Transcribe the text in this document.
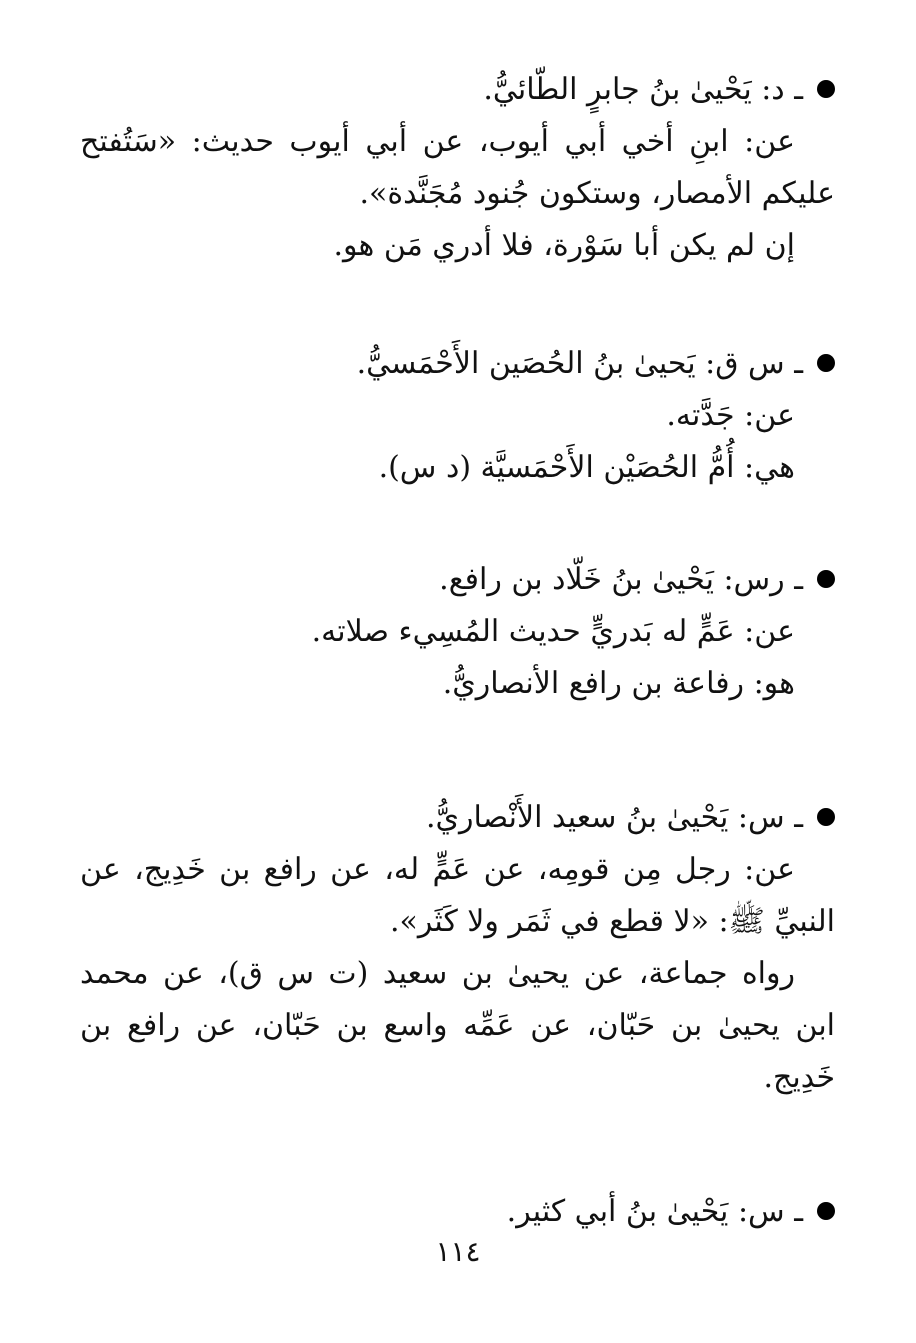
ـ د: يَحْيىٰ بنُ جابرٍ الطّائيُّ.
عن: ابنِ أخي أبي أيوب، عن أبي أيوب حديث: «سَتُفتح
عليكم الأمصار، وستكون جُنود مُجَنَّدة».
إن لم يكن أبا سَوْرة، فلا أدري مَن هو.
ـ س ق: يَحيىٰ بنُ الحُصَين الأَحْمَسيُّ.
عن: جَدَّته.
هي: أُمُّ الحُصَيْن الأَحْمَسيَّة (د س).
ـ رس: يَحْيىٰ بنُ خَلّاد بن رافع.
عن: عَمٍّ له بَدريٍّ حديث المُسِيء صلاته.
هو: رفاعة بن رافع الأنصاريُّ.
ـ س: يَحْيىٰ بنُ سعيد الأَنْصاريُّ.
عن: رجل مِن قومِه، عن عَمٍّ له، عن رافع بن خَدِيج، عن
النبيِّ ﷺ: «لا قطع في ثَمَر ولا كَثَر».
رواه جماعة، عن يحيىٰ بن سعيد (ت س ق)، عن محمد
ابن يحيىٰ بن حَبّان، عن عَمِّه واسع بن حَبّان، عن رافع بن
خَدِيج.
ـ س: يَحْيىٰ بنُ أبي كثير.
١١٤
